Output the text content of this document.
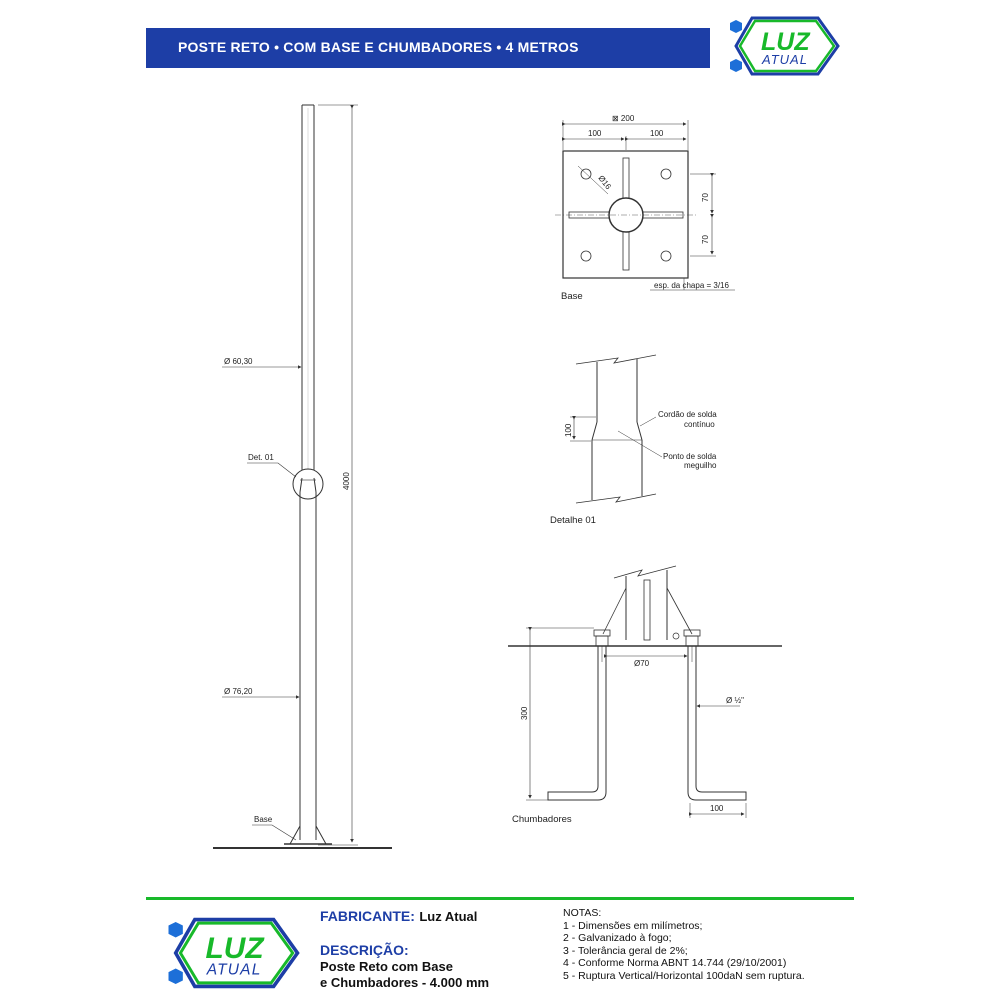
POSTE RETO • COM BASE E CHUMBADORES • 4 METROS	LUZ
ATUAL
Ø 60,30
Ø 76,20
Det. 01
Base
4000
⊠ 200
100	100
Ø16
70
70
esp. da chapa = 3/16
Base
100
Cordão de solda
contínuo
Ponto de solda
meguilho
Detalhe 01
Ø70
Ø ½"
300
100
Chumbadores
LUZ
ATUAL
FABRICANTE: Luz Atual
DESCRIÇÃO:
Poste Reto com Base
e Chumbadores - 4.000 mm
NOTAS:
1 - Dimensões em milímetros;
2 - Galvanizado à fogo;
3 - Tolerância geral de 2%;
4 - Conforme Norma ABNT 14.744 (29/10/2001)
5 - Ruptura Vertical/Horizontal 100daN sem ruptura.
